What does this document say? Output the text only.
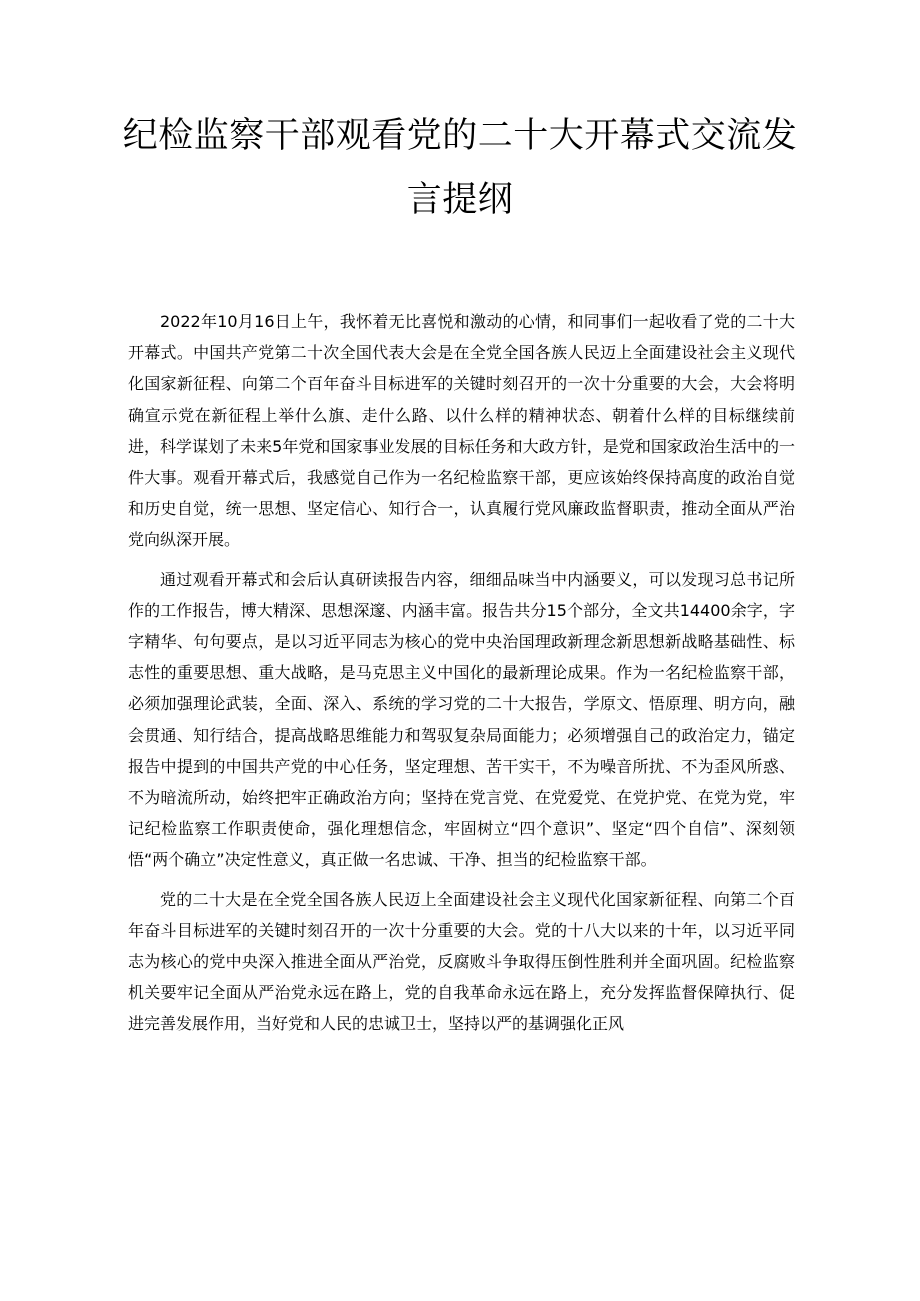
纪检监察干部观看党的二十大开幕式交流发言提纲

2022年10月16日上午，我怀着无比喜悦和激动的心情，和同事们一起收看了党的二十大开幕式。中国共产党第二十次全国代表大会是在全党全国各族人民迈上全面建设社会主义现代化国家新征程、向第二个百年奋斗目标进军的关键时刻召开的一次十分重要的大会，大会将明确宣示党在新征程上举什么旗、走什么路、以什么样的精神状态、朝着什么样的目标继续前进，科学谋划了未来5年党和国家事业发展的目标任务和大政方针，是党和国家政治生活中的一件大事。观看开幕式后，我感觉自己作为一名纪检监察干部，更应该始终保持高度的政治自觉和历史自觉，统一思想、坚定信心、知行合一，认真履行党风廉政监督职责，推动全面从严治党向纵深开展。

通过观看开幕式和会后认真研读报告内容，细细品味当中内涵要义，可以发现习总书记所作的工作报告，博大精深、思想深邃、内涵丰富。报告共分15个部分，全文共14400余字，字字精华、句句要点，是以习近平同志为核心的党中央治国理政新理念新思想新战略基础性、标志性的重要思想、重大战略，是马克思主义中国化的最新理论成果。作为一名纪检监察干部，必须加强理论武装，全面、深入、系统的学习党的二十大报告，学原文、悟原理、明方向，融会贯通、知行结合，提高战略思维能力和驾驭复杂局面能力；必须增强自己的政治定力，锚定报告中提到的中国共产党的中心任务，坚定理想、苦干实干，不为噪音所扰、不为歪风所惑、不为暗流所动，始终把牢正确政治方向；坚持在党言党、在党爱党、在党护党、在党为党，牢记纪检监察工作职责使命，强化理想信念，牢固树立“四个意识”、坚定“四个自信”、深刻领悟“两个确立”决定性意义，真正做一名忠诚、干净、担当的纪检监察干部。

党的二十大是在全党全国各族人民迈上全面建设社会主义现代化国家新征程、向第二个百年奋斗目标进军的关键时刻召开的一次十分重要的大会。党的十八大以来的十年，以习近平同志为核心的党中央深入推进全面从严治党，反腐败斗争取得压倒性胜利并全面巩固。纪检监察机关要牢记全面从严治党永远在路上，党的自我革命永远在路上，充分发挥监督保障执行、促进完善发展作用，当好党和人民的忠诚卫士，坚持以严的基调强化正风
